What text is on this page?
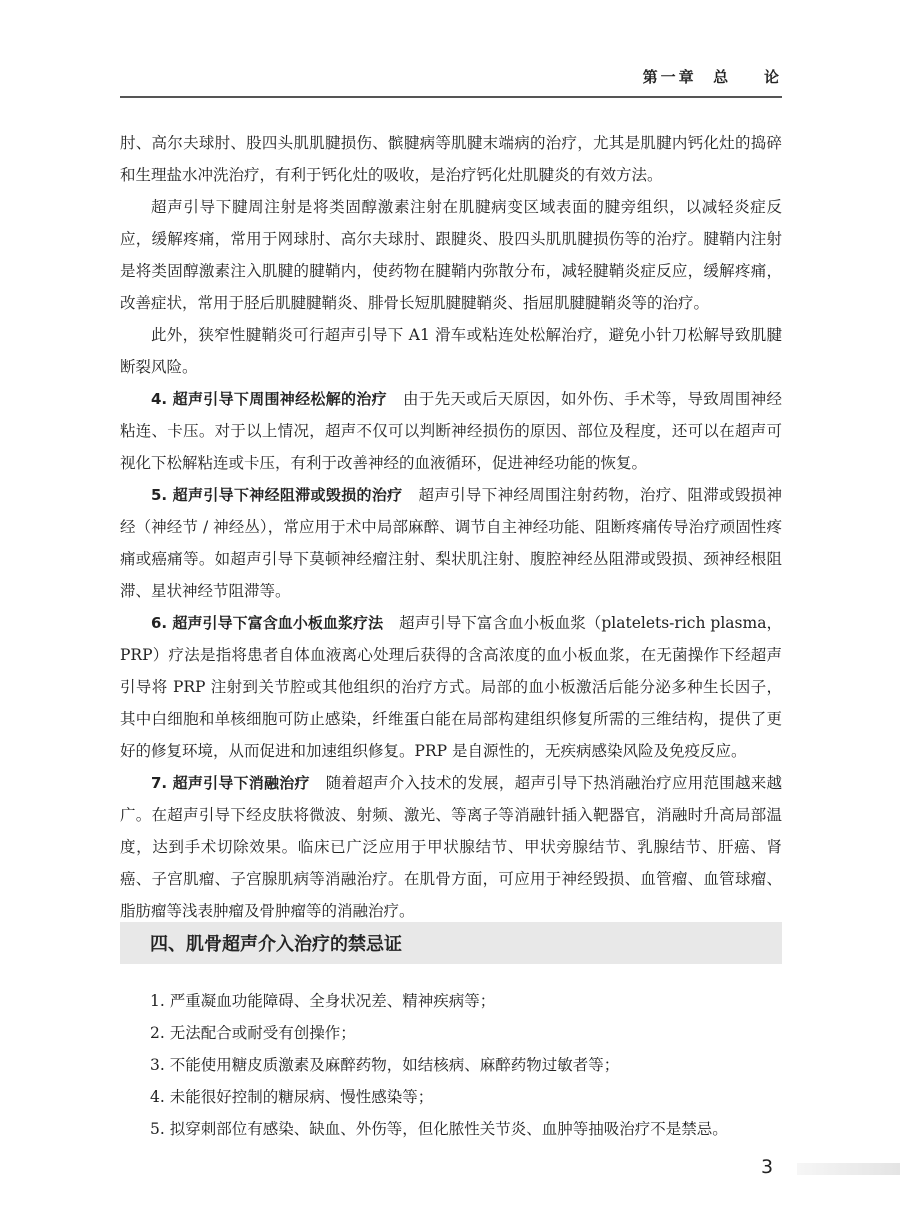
第一章  总    论

肘、高尔夫球肘、股四头肌肌腱损伤、髌腱病等肌腱末端病的治疗，尤其是肌腱内钙化灶的捣碎和生理盐水冲洗治疗，有利于钙化灶的吸收，是治疗钙化灶肌腱炎的有效方法。

超声引导下腱周注射是将类固醇激素注射在肌腱病变区域表面的腱旁组织，以减轻炎症反应，缓解疼痛，常用于网球肘、高尔夫球肘、跟腱炎、股四头肌肌腱损伤等的治疗。腱鞘内注射是将类固醇激素注入肌腱的腱鞘内，使药物在腱鞘内弥散分布，减轻腱鞘炎症反应，缓解疼痛，改善症状，常用于胫后肌腱腱鞘炎、腓骨长短肌腱腱鞘炎、指屈肌腱腱鞘炎等的治疗。

此外，狭窄性腱鞘炎可行超声引导下 A1 滑车或粘连处松解治疗，避免小针刀松解导致肌腱断裂风险。

4. 超声引导下周围神经松解的治疗 由于先天或后天原因，如外伤、手术等，导致周围神经粘连、卡压。对于以上情况，超声不仅可以判断神经损伤的原因、部位及程度，还可以在超声可视化下松解粘连或卡压，有利于改善神经的血液循环，促进神经功能的恢复。

5. 超声引导下神经阻滞或毁损的治疗 超声引导下神经周围注射药物，治疗、阻滞或毁损神经（神经节 / 神经丛），常应用于术中局部麻醉、调节自主神经功能、阻断疼痛传导治疗顽固性疼痛或癌痛等。如超声引导下莫顿神经瘤注射、梨状肌注射、腹腔神经丛阻滞或毁损、颈神经根阻滞、星状神经节阻滞等。

6. 超声引导下富含血小板血浆疗法 超声引导下富含血小板血浆（platelets-rich plasma，PRP）疗法是指将患者自体血液离心处理后获得的含高浓度的血小板血浆，在无菌操作下经超声引导将 PRP 注射到关节腔或其他组织的治疗方式。局部的血小板激活后能分泌多种生长因子，其中白细胞和单核细胞可防止感染，纤维蛋白能在局部构建组织修复所需的三维结构，提供了更好的修复环境，从而促进和加速组织修复。PRP 是自源性的，无疾病感染风险及免疫反应。

7. 超声引导下消融治疗 随着超声介入技术的发展，超声引导下热消融治疗应用范围越来越广。在超声引导下经皮肤将微波、射频、激光、等离子等消融针插入靶器官，消融时升高局部温度，达到手术切除效果。临床已广泛应用于甲状腺结节、甲状旁腺结节、乳腺结节、肝癌、肾癌、子宫肌瘤、子宫腺肌病等消融治疗。在肌骨方面，可应用于神经毁损、血管瘤、血管球瘤、脂肪瘤等浅表肿瘤及骨肿瘤等的消融治疗。

四、肌骨超声介入治疗的禁忌证
1. 严重凝血功能障碍、全身状况差、精神疾病等；
2. 无法配合或耐受有创操作；
3. 不能使用糖皮质激素及麻醉药物，如结核病、麻醉药物过敏者等；
4. 未能很好控制的糖尿病、慢性感染等；
5. 拟穿刺部位有感染、缺血、外伤等，但化脓性关节炎、血肿等抽吸治疗不是禁忌。
3
